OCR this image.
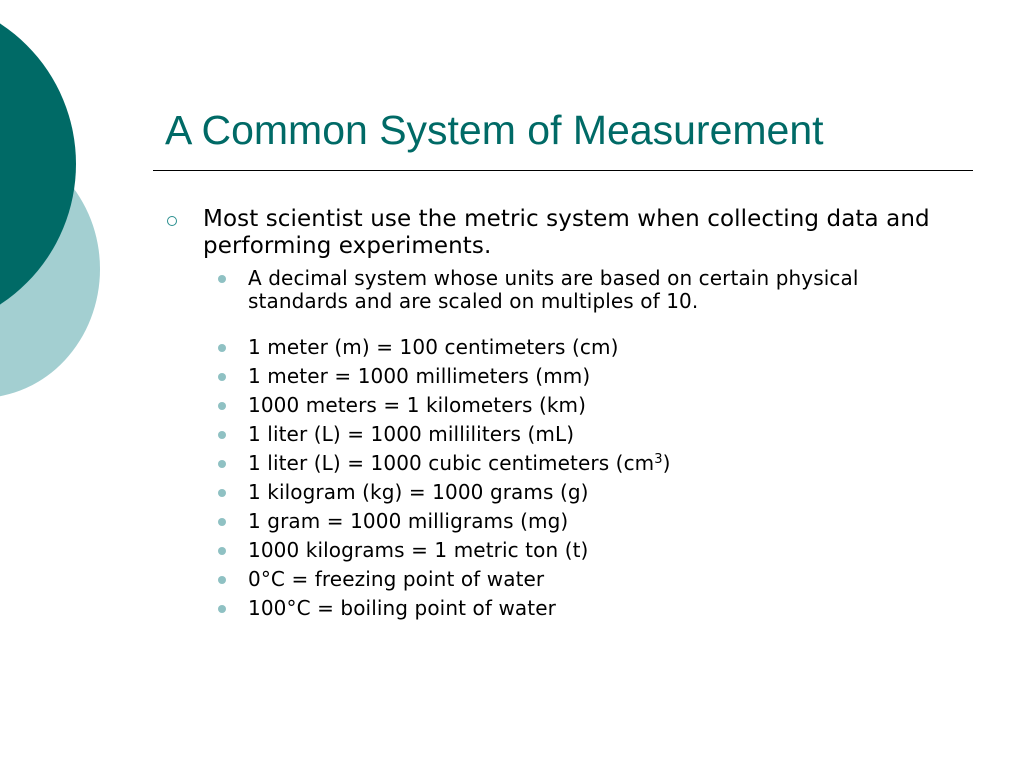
A Common System of Measurement
Most scientist use the metric system when collecting data and performing experiments.
A decimal system whose units are based on certain physical standards and are scaled on multiples of 10.
1 meter (m) = 100 centimeters (cm)
1 meter = 1000 millimeters (mm)
1000 meters = 1 kilometers (km)
1 liter (L) = 1000 milliliters (mL)
1 liter (L) = 1000 cubic centimeters $(cm^3)$
1 kilogram (kg) = 1000 grams (g)
1 gram = 1000 milligrams (mg)
1000 kilograms = 1 metric ton (t)
0°C = freezing point of water
100°C = boiling point of water
